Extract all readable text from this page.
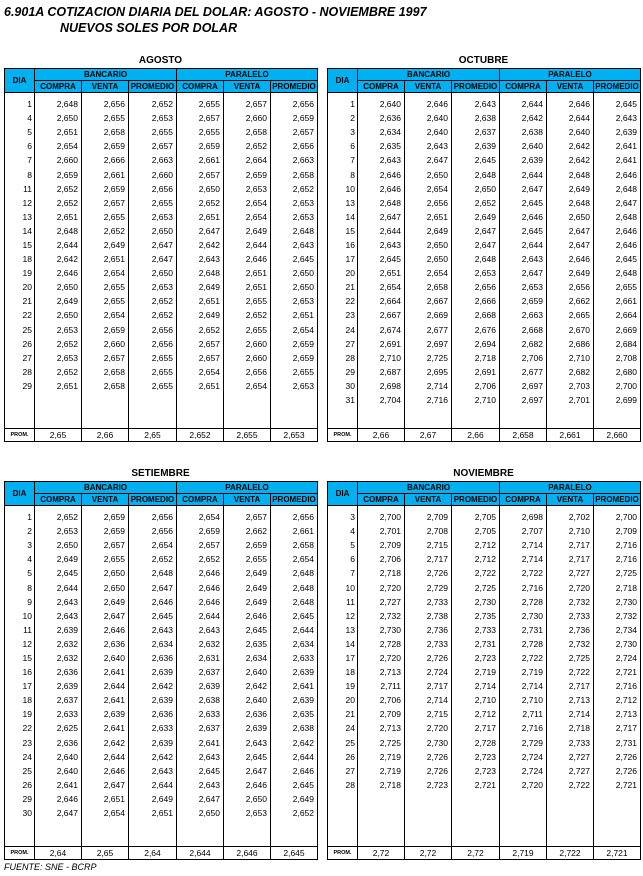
6.901A COTIZACION DIARIA DEL DOLAR: AGOSTO - NOVIEMBRE 1997
NUEVOS SOLES POR DOLAR
AGOSTO
DIA	BANCARIO			PARALELO		
	COMPRA	VENTA	PROMEDIO	COMPRA	VENTA	PROMEDIO

1	2,648	2,656	2,652	2,655	2,657	2,656
4	2,650	2,655	2,653	2,657	2,660	2,659
5	2,651	2,658	2,655	2,655	2,658	2,657
6	2,654	2,659	2,657	2,659	2,652	2,656
7	2,660	2,666	2,663	2,661	2,664	2,663
8	2,659	2,661	2,660	2,657	2,659	2,658
11	2,652	2,659	2,656	2,650	2,653	2,652
12	2,652	2,657	2,655	2,652	2,654	2,653
13	2,651	2,655	2,653	2,651	2,654	2,653
14	2,648	2,652	2,650	2,647	2,649	2,648
15	2,644	2,649	2,647	2,642	2,644	2,643
18	2,642	2,651	2,647	2,643	2,646	2,645
19	2,646	2,654	2,650	2,648	2,651	2,650
20	2,650	2,655	2,653	2,649	2,651	2,650
21	2,649	2,655	2,652	2,651	2,655	2,653
22	2,650	2,654	2,652	2,649	2,652	2,651
25	2,653	2,659	2,656	2,652	2,655	2,654
26	2,652	2,660	2,656	2,657	2,660	2,659
27	2,653	2,657	2,655	2,657	2,660	2,659
28	2,652	2,658	2,655	2,654	2,656	2,655
29	2,651	2,658	2,655	2,651	2,654	2,653

PROM.	2,65	2,66	2,65	2,652	2,655	2,653
OCTUBRE
DIA	BANCARIO			PARALELO		
	COMPRA	VENTA	PROMEDIO	COMPRA	VENTA	PROMEDIO

1	2,640	2,646	2,643	2,644	2,646	2,645
2	2,636	2,640	2,638	2,642	2,644	2,643
3	2,634	2,640	2,637	2,638	2,640	2,639
6	2,635	2,643	2,639	2,640	2,642	2,641
7	2,643	2,647	2,645	2,639	2,642	2,641
8	2,646	2,650	2,648	2,644	2,648	2,646
10	2,646	2,654	2,650	2,647	2,649	2,648
13	2,648	2,656	2,652	2,645	2,648	2,647
14	2,647	2,651	2,649	2,646	2,650	2,648
15	2,644	2,649	2,647	2,645	2,647	2,646
16	2,643	2,650	2,647	2,644	2,647	2,646
17	2,645	2,650	2,648	2,643	2,646	2,645
20	2,651	2,654	2,653	2,647	2,649	2,648
21	2,654	2,658	2,656	2,653	2,656	2,655
22	2,664	2,667	2,666	2,659	2,662	2,661
23	2,667	2,669	2,668	2,663	2,665	2,664
24	2,674	2,677	2,676	2,668	2,670	2,669
27	2,691	2,697	2,694	2,682	2,686	2,684
28	2,710	2,725	2,718	2,706	2,710	2,708
29	2,687	2,695	2,691	2,677	2,682	2,680
30	2,698	2,714	2,706	2,697	2,703	2,700
31	2,704	2,716	2,710	2,697	2,701	2,699

PROM.	2,66	2,67	2,66	2,658	2,661	2,660
SETIEMBRE
DIA	BANCARIO			PARALELO		
	COMPRA	VENTA	PROMEDIO	COMPRA	VENTA	PROMEDIO

1	2,652	2,659	2,656	2,654	2,657	2,656
2	2,653	2,659	2,656	2,659	2,662	2,661
3	2,650	2,657	2,654	2,657	2,659	2,658
4	2,649	2,655	2,652	2,652	2,655	2,654
5	2,645	2,650	2,648	2,646	2,649	2,648
8	2,644	2,650	2,647	2,646	2,649	2,648
9	2,643	2,649	2,646	2,646	2,649	2,648
10	2,643	2,647	2,645	2,644	2,646	2,645
11	2,639	2,646	2,643	2,643	2,645	2,644
12	2,632	2,636	2,634	2,632	2,635	2,634
15	2,632	2,640	2,636	2,631	2,634	2,633
16	2,636	2,641	2,639	2,637	2,640	2,639
17	2,639	2,644	2,642	2,639	2,642	2,641
18	2,637	2,641	2,639	2,638	2,640	2,639
19	2,633	2,639	2,636	2,633	2,636	2,635
22	2,625	2,641	2,633	2,637	2,639	2,638
23	2,636	2,642	2,639	2,641	2,643	2,642
24	2,640	2,644	2,642	2,643	2,645	2,644
25	2,640	2,646	2,643	2,645	2,647	2,646
26	2,641	2,647	2,644	2,643	2,646	2,645
29	2,646	2,651	2,649	2,647	2,650	2,649
30	2,647	2,654	2,651	2,650	2,653	2,652

PROM.	2,64	2,65	2,64	2,644	2,646	2,645
NOVIEMBRE
DIA	BANCARIO			PARALELO		
	COMPRA	VENTA	PROMEDIO	COMPRA	VENTA	PROMEDIO

3	2,700	2,709	2,705	2,698	2,702	2,700
4	2,701	2,708	2,705	2,707	2,710	2,709
5	2,709	2,715	2,712	2,714	2,717	2,716
6	2,706	2,717	2,712	2,714	2,717	2,716
7	2,718	2,726	2,722	2,722	2,727	2,725
10	2,720	2,729	2,725	2,716	2,720	2,718
11	2,727	2,733	2,730	2,728	2,732	2,730
12	2,732	2,738	2,735	2,730	2,733	2,732
13	2,730	2,736	2,733	2,731	2,736	2,734
14	2,728	2,733	2,731	2,728	2,732	2,730
17	2,720	2,726	2,723	2,722	2,725	2,724
18	2,713	2,724	2,719	2,719	2,722	2,721
19	2,711	2,717	2,714	2,714	2,717	2,716
20	2,706	2,714	2,710	2,710	2,713	2,712
21	2,709	2,715	2,712	2,711	2,714	2,713
24	2,713	2,720	2,717	2,716	2,718	2,717
25	2,725	2,730	2,728	2,729	2,733	2,731
26	2,719	2,726	2,723	2,724	2,727	2,726
27	2,719	2,726	2,723	2,724	2,727	2,726
28	2,718	2,723	2,721	2,720	2,722	2,721

PROM.	2,72	2,72	2,72	2,719	2,722	2,721
FUENTE: SNE - BCRP
